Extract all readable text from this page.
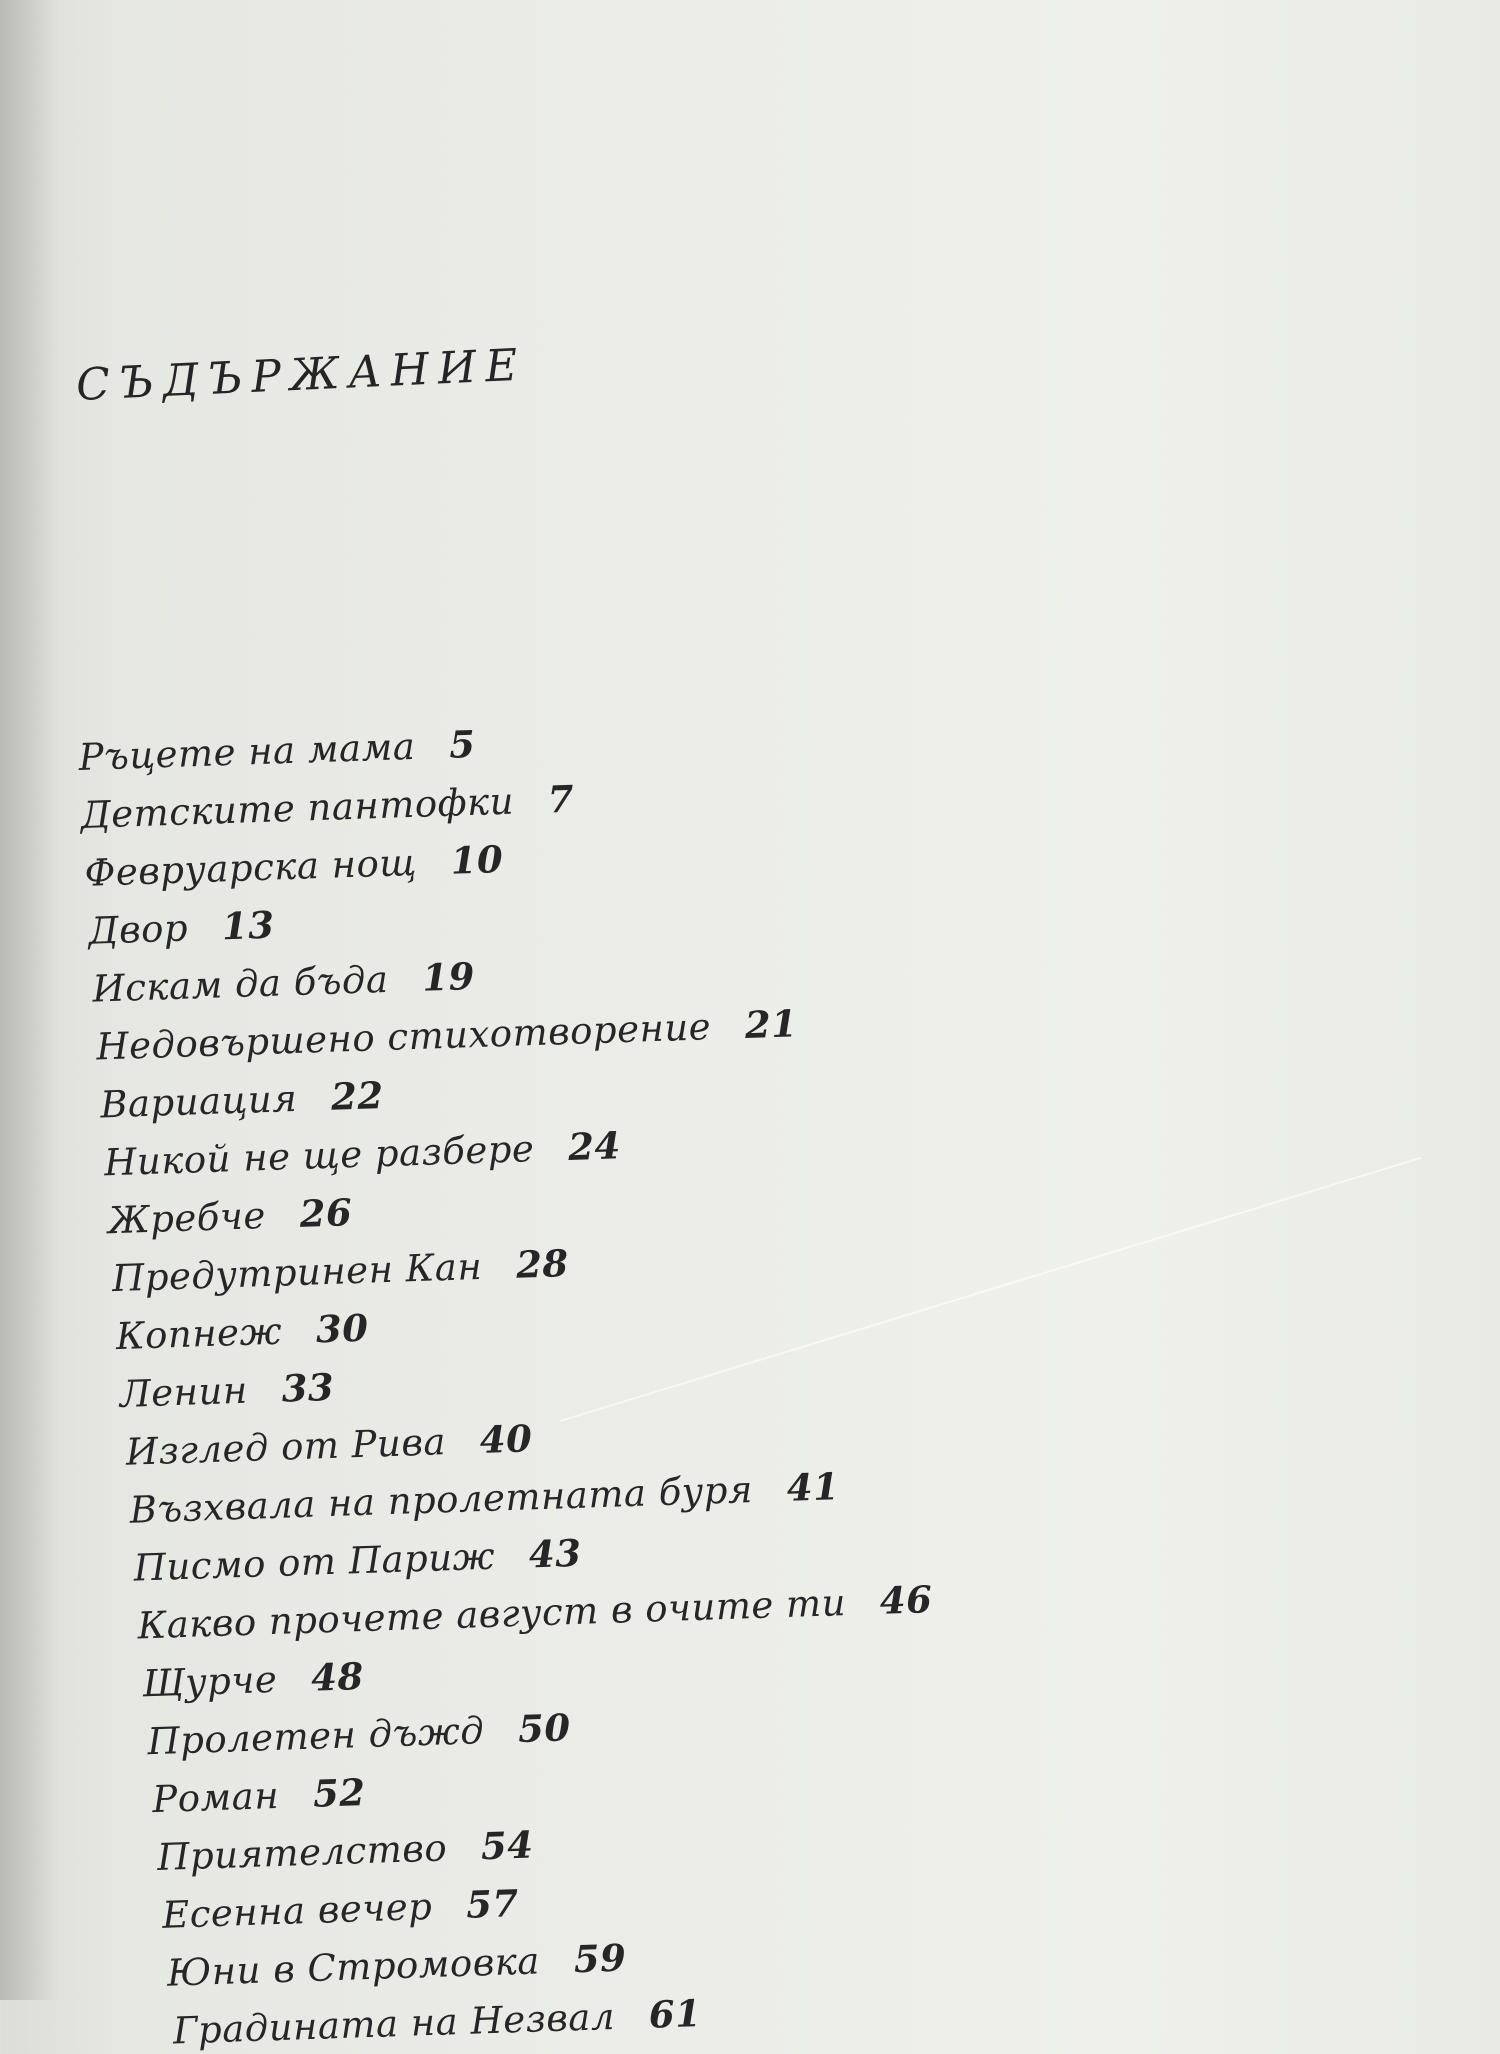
СЪДЪРЖАНИЕ
Ръцете на мама 5
Детските пантофки 7
Февруарска нощ 10
Двор 13
Искам да бъда 19
Недовършено стихотворение 21
Вариация 22
Никой не ще разбере 24
Жребче 26
Предутринен Кан 28
Копнеж 30
Ленин 33
Изглед от Рива 40
Възхвала на пролетната буря 41
Писмо от Париж 43
Какво прочете август в очите ти 46
Щурче 48
Пролетен дъжд 50
Роман 52
Приятелство 54
Есенна вечер 57
Юни в Стромовка 59
Градината на Незвал 61
